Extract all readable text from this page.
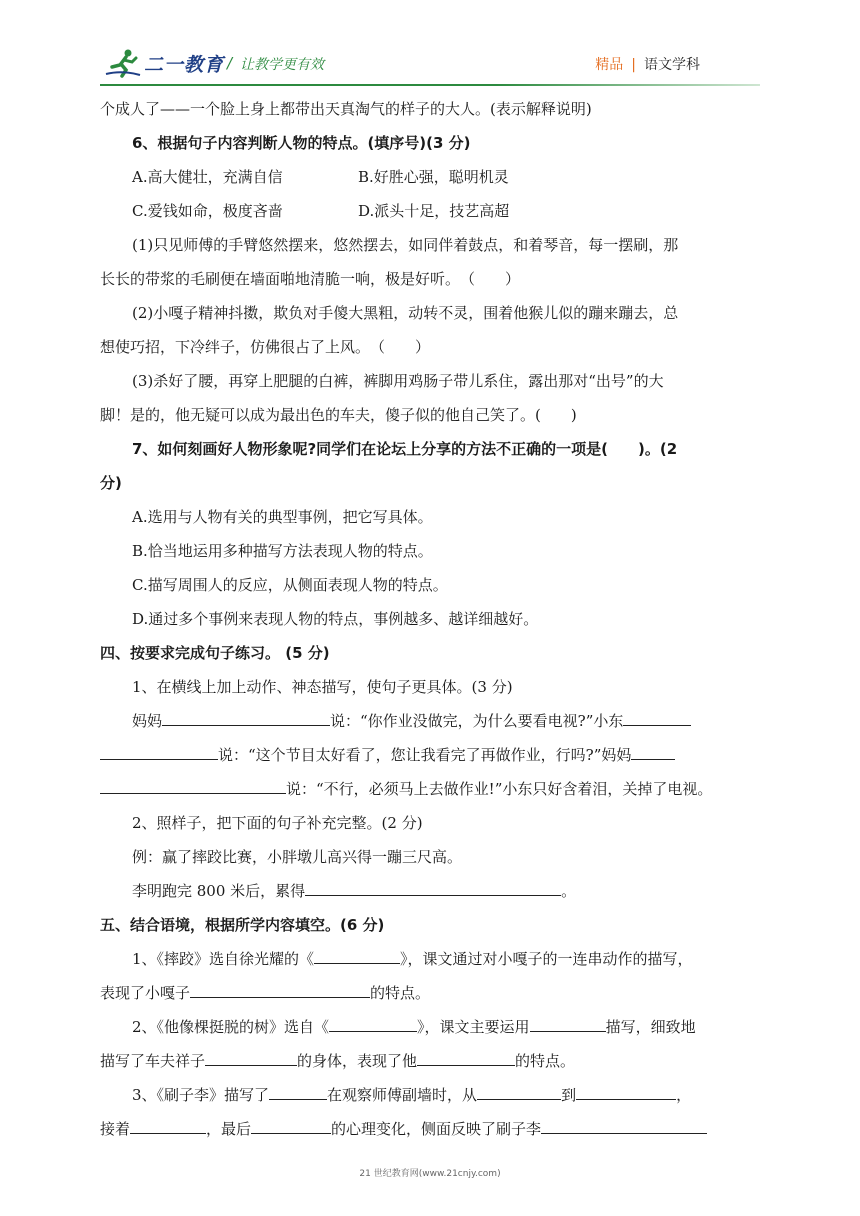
二一教育 / 让教学更有效	精品 | 语文学科
个成人了——一个脸上身上都带出天真淘气的样子的大人。(表示解释说明)
6、根据句子内容判断人物的特点。(填序号)(3 分)
A.高大健壮，充满自信	B.好胜心强，聪明机灵
C.爱钱如命，极度吝啬	D.派头十足，技艺高超
(1)只见师傅的手臂悠然摆来，悠然摆去，如同伴着鼓点，和着琴音，每一摆刷，那
长长的带浆的毛刷便在墙面啪地清脆一响，极是好听。　（　　）
(2)小嘎子精神抖擞，欺负对手傻大黑粗，动转不灵，围着他猴儿似的蹦来蹦去，总
想使巧招，下冷绊子，仿佛很占了上风。　（　　）
(3)杀好了腰，再穿上肥腿的白裤，裤脚用鸡肠子带儿系住，露出那对“出号”的大
脚！是的，他无疑可以成为最出色的车夫，傻子似的他自己笑了。(　　)
7、如何刻画好人物形象呢?同学们在论坛上分享的方法不正确的一项是(　　)。(2
分)
A.选用与人物有关的典型事例，把它写具体。
B.恰当地运用多种描写方法表现人物的特点。
C.描写周围人的反应，从侧面表现人物的特点。
D.通过多个事例来表现人物的特点，事例越多、越详细越好。
四、按要求完成句子练习。 (5 分)
1、在横线上加上动作、神态描写，使句子更具体。(3 分)
妈妈	说：“你作业没做完，为什么要看电视?”小东
说：“这个节目太好看了，您让我看完了再做作业，行吗?”妈妈
说：“不行，必须马上去做作业!”小东只好含着泪，关掉了电视。
2、照样子，把下面的句子补充完整。(2 分)
例：赢了摔跤比赛，小胖墩儿高兴得一蹦三尺高。
李明跑完 800 米后，累得	。
五、结合语境，根据所学内容填空。(6 分)
1、《摔跤》选自徐光耀的《	》，课文通过对小嘎子的一连串动作的描写，
表现了小嘎子	的特点。
2、《他像棵挺脱的树》选自《	》，课文主要运用	描写，细致地
描写了车夫祥子	的身体，表现了他	的特点。
3、《刷子李》描写了	在观察师傅副墙时，从	到	，
接着	，最后	的心理变化，侧面反映了刷子李
21 世纪教育网(www.21cnjy.com)
